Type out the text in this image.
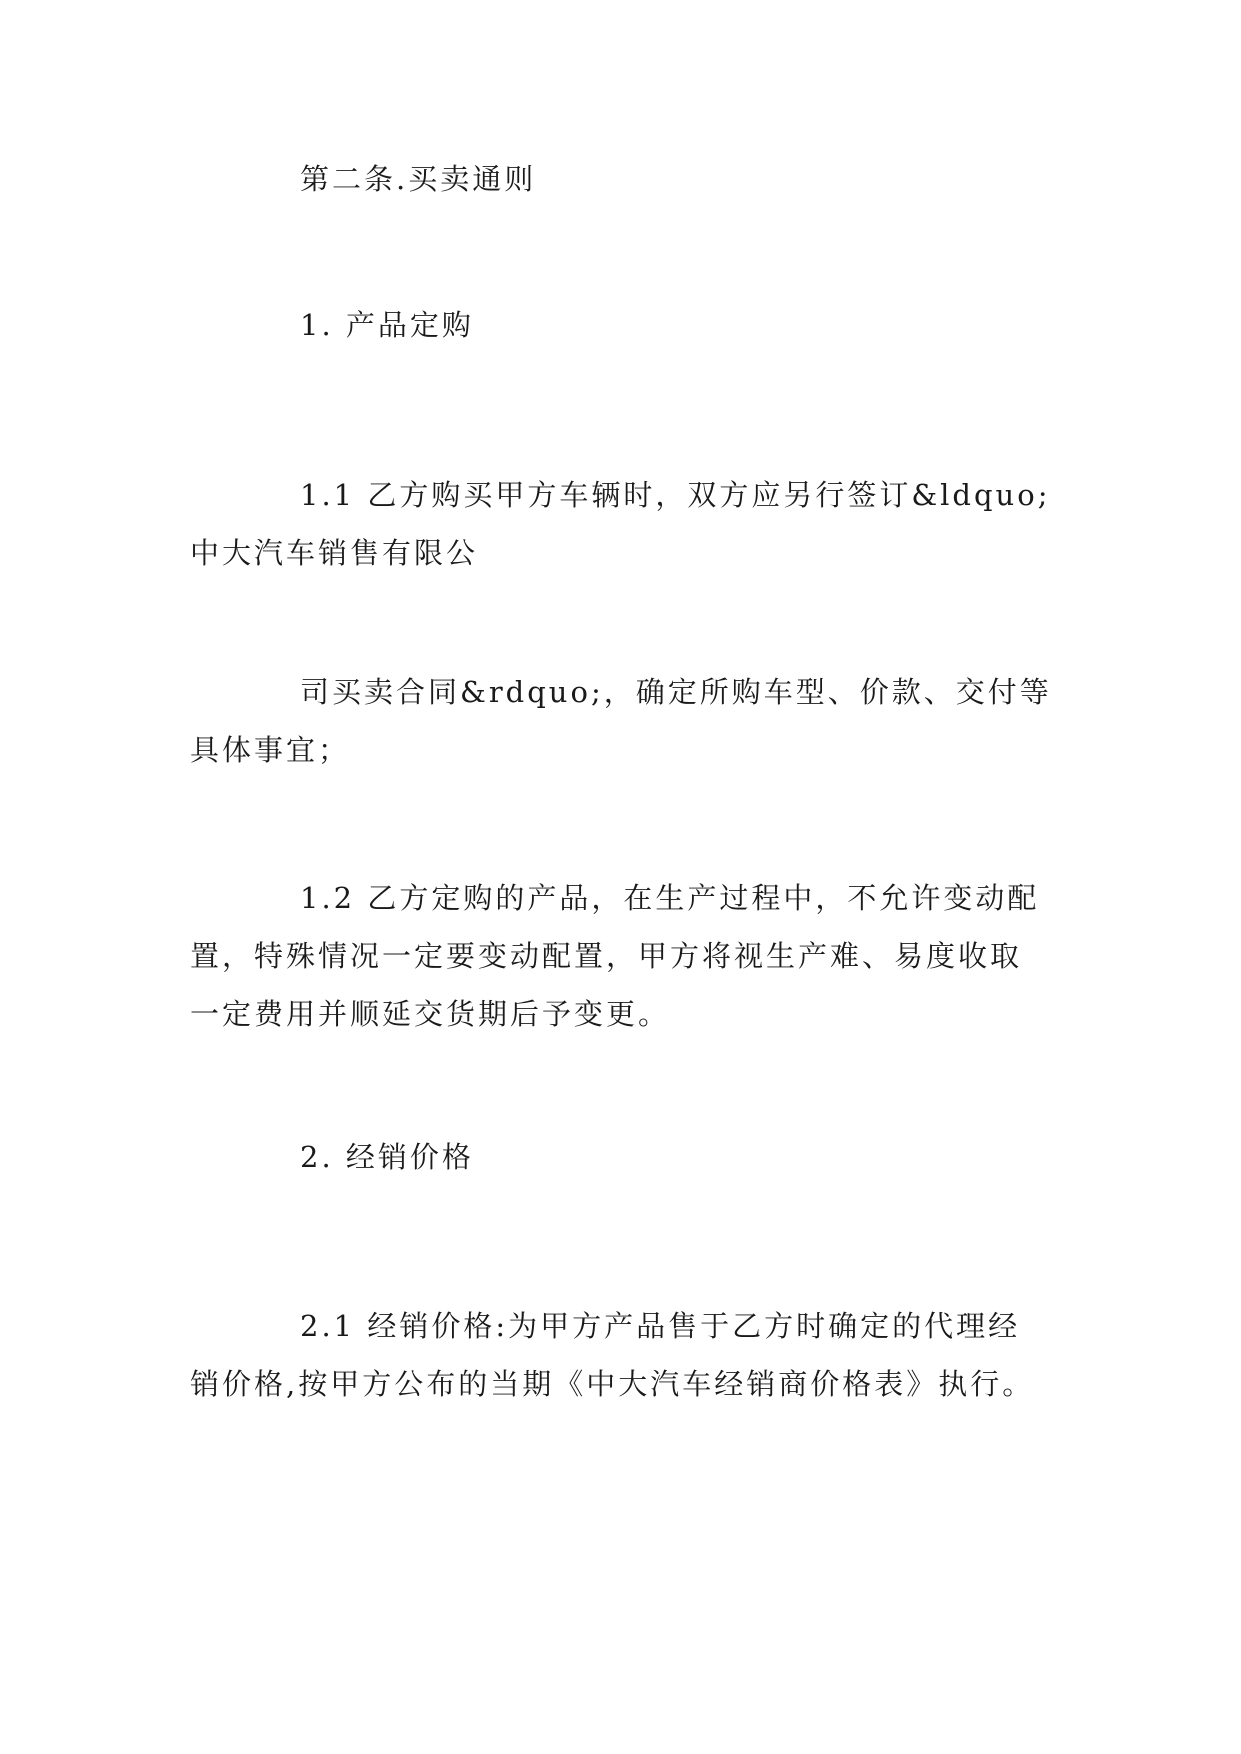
第二条.买卖通则
1. 产品定购
1.1 乙方购买甲方车辆时，双方应另行签订&ldquo;
中大汽车销售有限公
司买卖合同&rdquo;，确定所购车型、价款、交付等
具体事宜；
1.2 乙方定购的产品，在生产过程中，不允许变动配
置，特殊情况一定要变动配置，甲方将视生产难、易度收取
一定费用并顺延交货期后予变更。
2. 经销价格
2.1 经销价格:为甲方产品售于乙方时确定的代理经
销价格,按甲方公布的当期《中大汽车经销商价格表》执行。
